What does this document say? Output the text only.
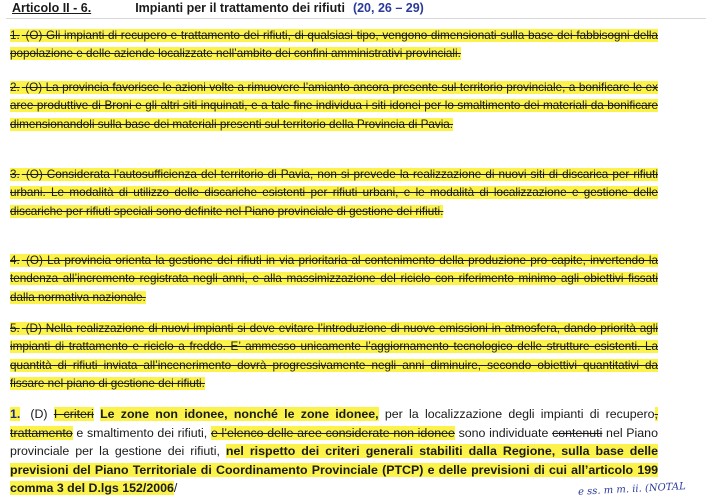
Articolo II - 6.	Impianti per il trattamento dei rifiuti (20, 26 – 29)
1. (O) Gli impianti di recupero e trattamento dei rifiuti, di qualsiasi tipo, vengono dimensionati sulla base dei fabbisogni della popolazione e delle aziende localizzate nell’ambito dei confini amministrativi provinciali.
2. (O) La provincia favorisce le azioni volte a rimuovere l’amianto ancora presente sul territorio provinciale, a bonificare le ex aree produttive di Broni e gli altri siti inquinati, e a tale fine individua i siti idonei per lo smaltimento dei materiali da bonificare dimensionandoli sulla base dei materiali presenti sul territorio della Provincia di Pavia.
3. (O) Considerata l’autosufficienza del territorio di Pavia, non si prevede la realizzazione di nuovi siti di discarica per rifiuti urbani. Le modalità di utilizzo delle discariche esistenti per rifiuti urbani, e le modalità di localizzazione e gestione delle discariche per rifiuti speciali sono definite nel Piano provinciale di gestione dei rifiuti.
4. (O) La provincia orienta la gestione dei rifiuti in via prioritaria al contenimento della produzione pro capite, invertendo la tendenza all’incremento registrata negli anni, e alla massimizzazione del riciclo con riferimento minimo agli obiettivi fissati dalla normativa nazionale.
5. (D) Nella realizzazione di nuovi impianti si deve evitare l’introduzione di nuove emissioni in atmosfera, dando priorità agli impianti di trattamento e riciclo a freddo. E’ ammesso unicamente l’aggiornamento tecnologico delle strutture esistenti. La quantità di rifiuti inviata all’incenerimento dovrà progressivamente negli anni diminuire, secondo obiettivi quantitativi da fissare nel piano di gestione dei rifiuti.
1. (D) I criteri Le zone non idonee, nonché le zone idonee, per la localizzazione degli impianti di recupero, trattamento e smaltimento dei rifiuti, e l’elenco delle aree considerate non idonee sono individuate contenuti nel Piano provinciale per la gestione dei rifiuti, nel rispetto dei criteri generali stabiliti dalla Regione, sulla base delle previsioni del Piano Territoriale di Coordinamento Provinciale (PTCP) e delle previsioni di cui all’articolo 199 comma 3 del D.lgs 152/2006/	e ss. m m. ii. (NOTAL
